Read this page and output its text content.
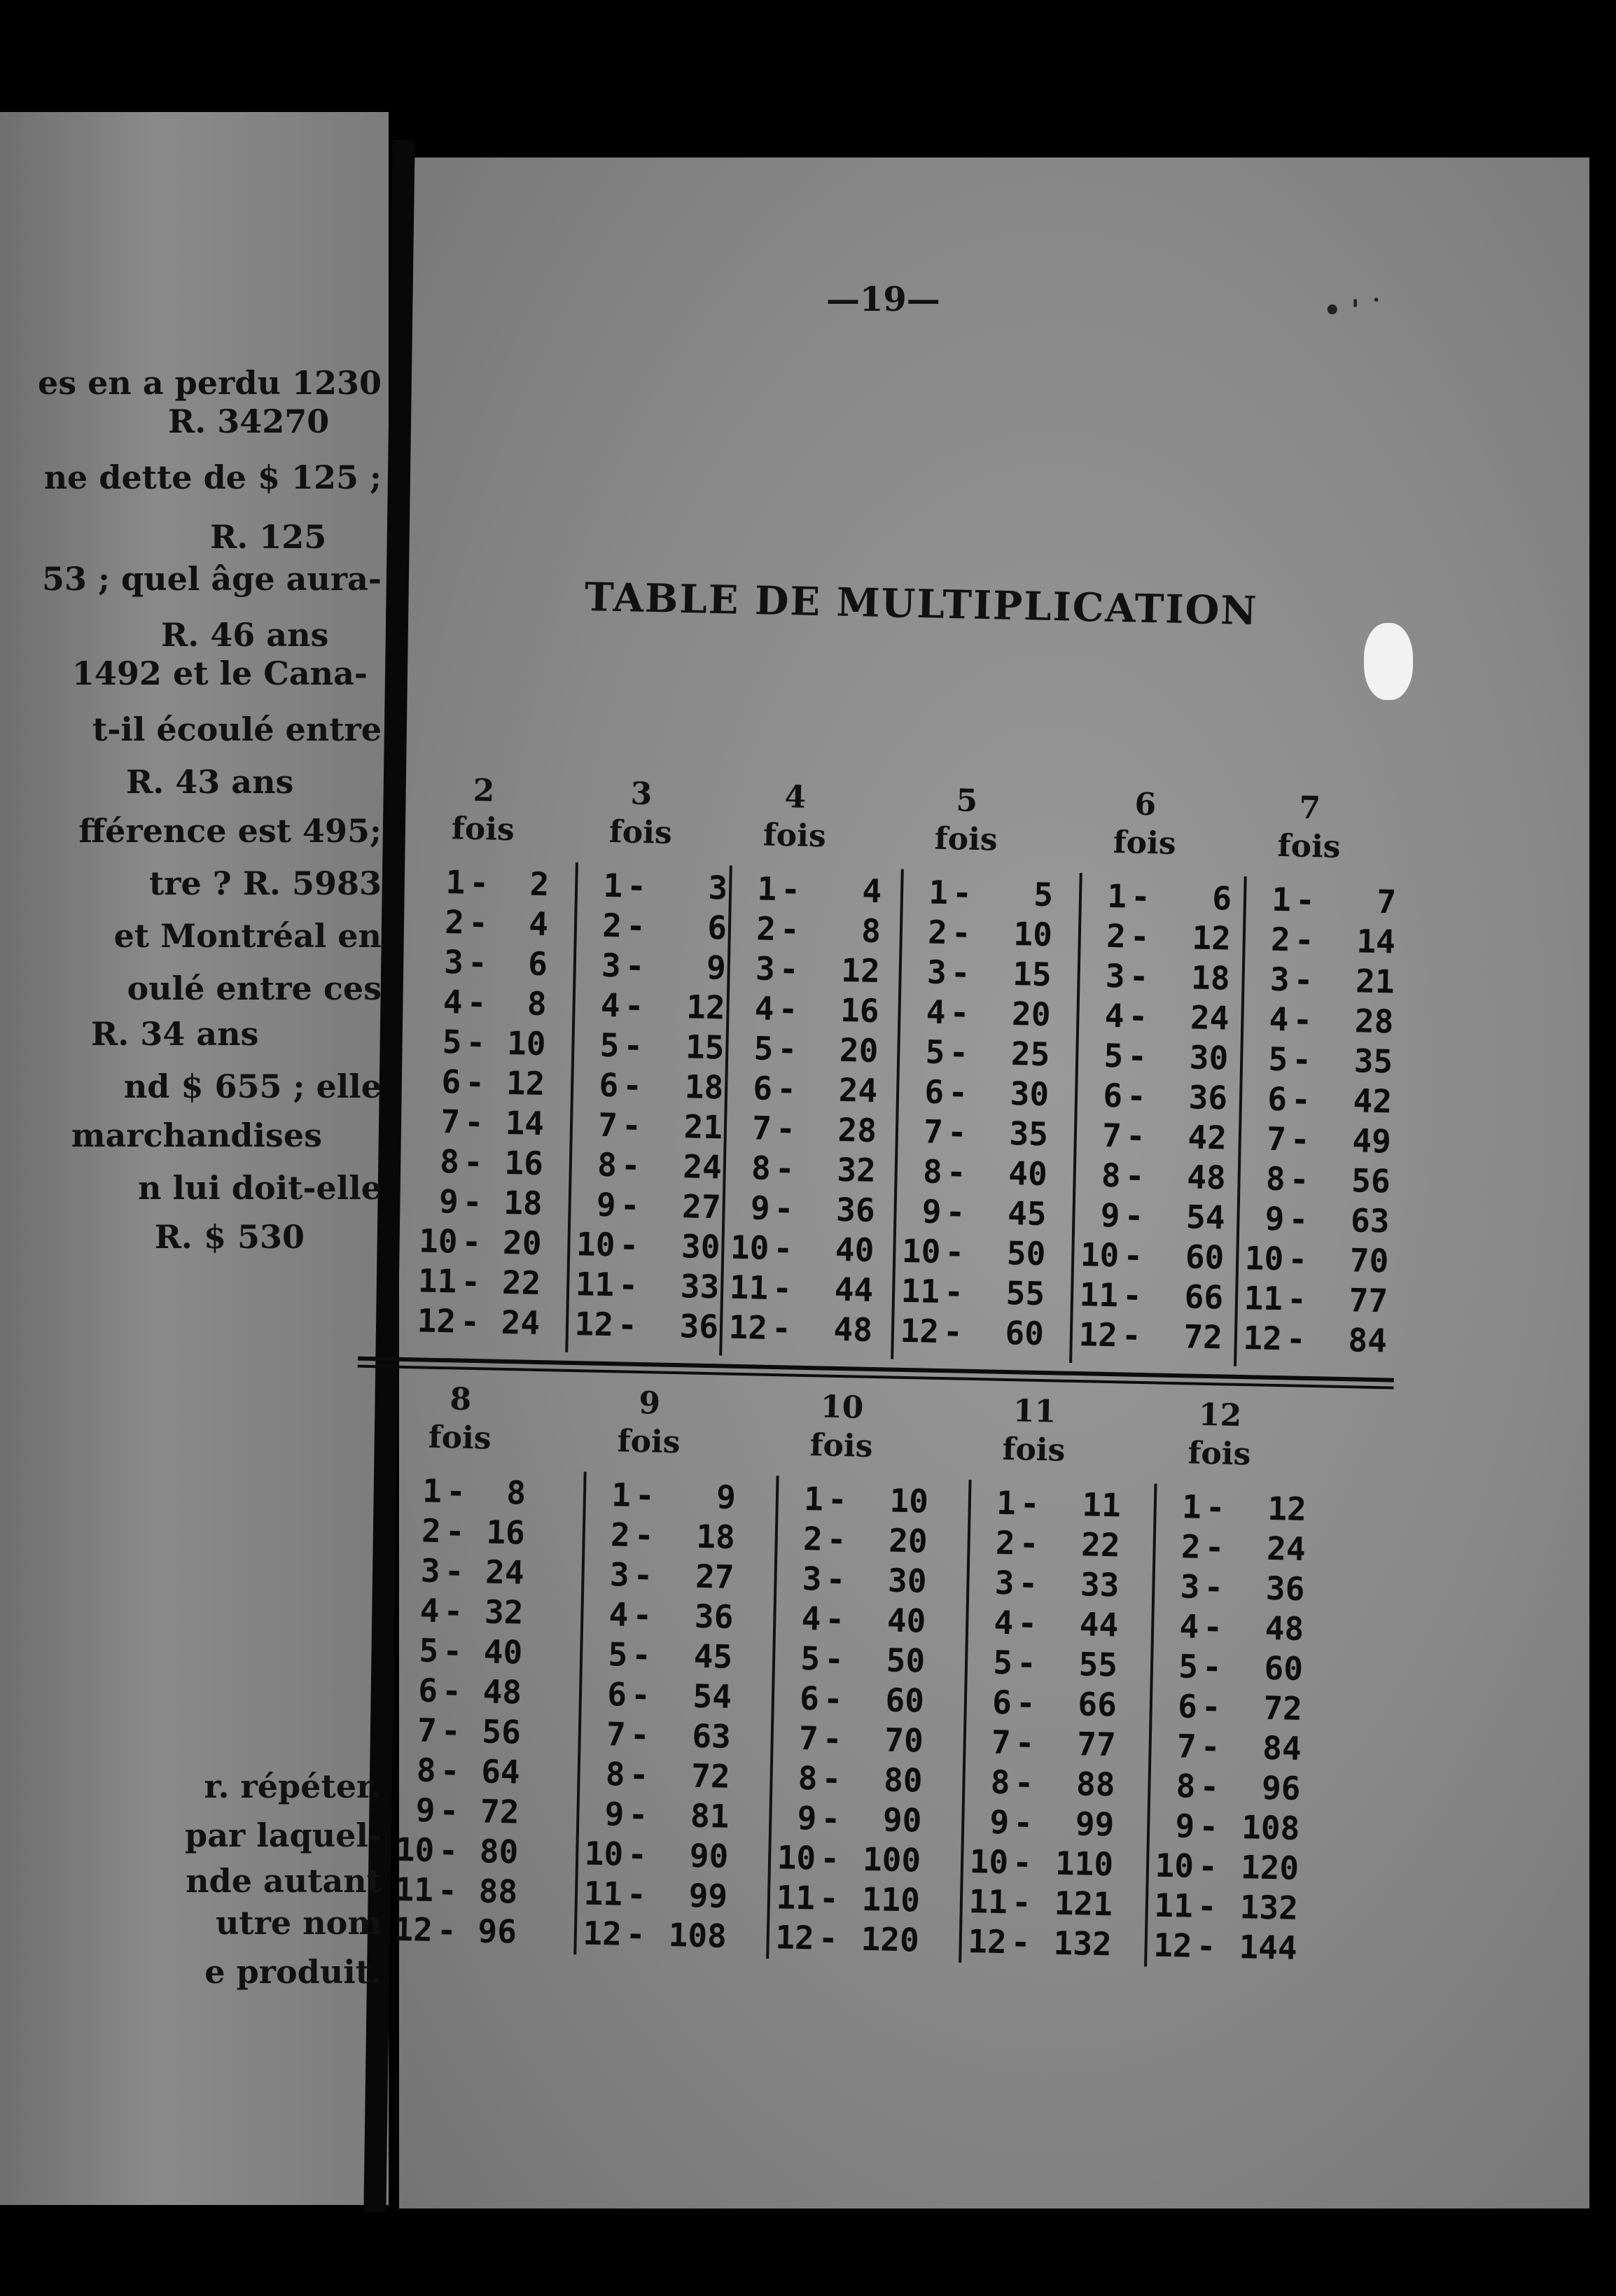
es en a perdu 1230
R. 34270
ne dette de $ 125 ;
R. 125
53 ; quel âge aura-
R. 46 ans
1492 et le Cana-
t-il écoulé entre
R. 43 ans
fférence est 495;
tre ? R. 5983
et Montréal en
oulé entre ces
R. 34 ans
nd $ 655 ; elle
marchandises
n lui doit-elle
R. $ 530
r. répéter.
par laquel-
nde autant
utre nom
e produit.
—19—	• ' ˙
TABLE DE MULTIPLICATION
2
fois
3
fois
4
fois
5
fois
6
fois
7
fois
1 - 2	1 - 3 1 - 4	1 - 5	1 - 6	1 - 7
2 - 4	2 - 6 2 - 8	2 - 10	2 - 12	2 - 14
3 - 6	3 - 9 3 - 12	3 - 15	3 - 18	3 - 21
4 - 8	4 - 12 4 - 16	4 - 20	4 - 24	4 - 28
5 - 10	5 - 15 5 - 20	5 - 25	5 - 30	5 - 35
6 - 12	6 - 18 6 - 24	6 - 30	6 - 36	6 - 42
7 - 14	7 - 21 7 - 28	7 - 35	7 - 42	7 - 49
8 - 16	8 - 24 8 - 32	8 - 40	8 - 48	8 - 56
9 - 18	9 - 27 9 - 36	9 - 45	9 - 54	9 - 63
10 - 20 10 - 30 10 - 40 10 - 50 10 - 60 10 - 70
11 - 22 11 - 33 11 - 44 11 - 55 11 - 66 11 - 77
12 - 24 12 - 36 12 - 48 12 - 60 12 - 72 12 - 84
8
fois
9
fois
10
fois
11
fois
12
fois
1 - 8	1 - 9	1 - 10	1 - 11	1 - 12
2 - 16	2 - 18	2 - 20	2 - 22	2 - 24
3 - 24	3 - 27	3 - 30	3 - 33	3 - 36
4 - 32	4 - 36	4 - 40	4 - 44	4 - 48
5 - 40	5 - 45	5 - 50	5 - 55	5 - 60
6 - 48	6 - 54	6 - 60	6 - 66	6 - 72
7 - 56	7 - 63	7 - 70	7 - 77	7 - 84
8 - 64	8 - 72	8 - 80	8 - 88	8 - 96
9 - 72	9 - 81	9 - 90	9 - 99	9 - 108
10 - 80 10 - 90 10 - 100 10 - 110 10 - 120
11 - 88 11 - 99 11 - 110 11 - 121 11 - 132
12 - 96 12 - 108 12 - 120 12 - 132 12 - 144
